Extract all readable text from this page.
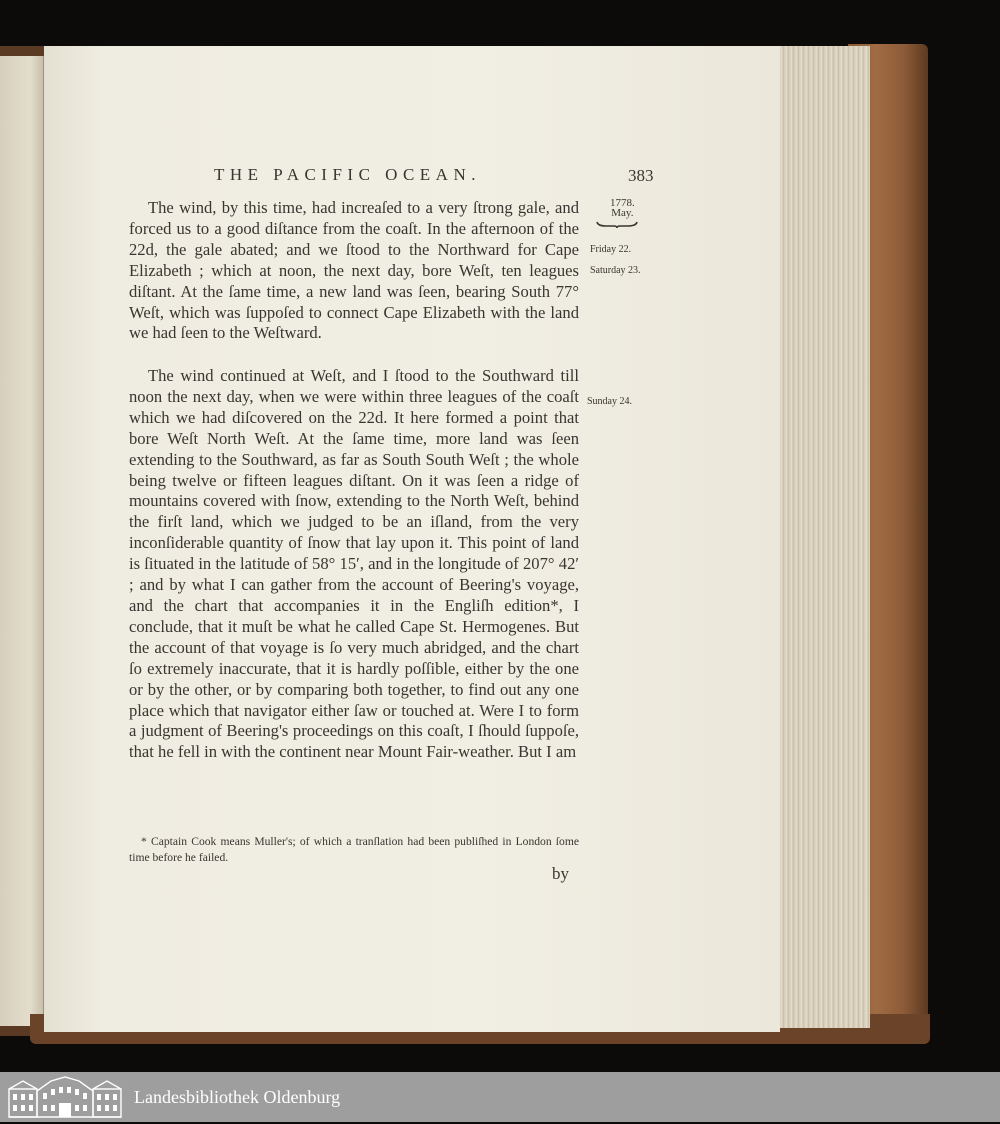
THE PACIFIC OCEAN.	383
1778.
May.
Friday 22.
Saturday 23.
Sunday 24.

The wind, by this time, had increaſed to a very ſtrong gale, and forced us to a good diſtance from the coaſt. In the afternoon of the 22d, the gale abated; and we ſtood to the Northward for Cape Elizabeth ; which at noon, the next day, bore Weſt, ten leagues diſtant. At the ſame time, a new land was ſeen, bearing South 77° Weſt, which was ſuppoſed to connect Cape Elizabeth with the land we had ſeen to the Weſtward.

The wind continued at Weſt, and I ſtood to the Southward till noon the next day, when we were within three leagues of the coaſt which we had diſcovered on the 22d. It here formed a point that bore Weſt North Weſt. At the ſame time, more land was ſeen extending to the Southward, as far as South South Weſt ; the whole being twelve or fifteen leagues diſtant. On it was ſeen a ridge of mountains covered with ſnow, extending to the North Weſt, behind the firſt land, which we judged to be an iſland, from the very inconſiderable quantity of ſnow that lay upon it. This point of land is ſituated in the latitude of 58° 15′, and in the longitude of 207° 42′ ; and by what I can gather from the account of Beering's voyage, and the chart that accompanies it in the Engliſh edition*, I conclude, that it muſt be what he called Cape St. Hermogenes. But the account of that voyage is ſo very much abridged, and the chart ſo extremely inaccurate, that it is hardly poſſible, either by the one or by the other, or by comparing both together, to find out any one place which that navigator either ſaw or touched at. Were I to form a judgment of Beering's proceedings on this coaſt, I ſhould ſuppoſe, that he fell in with the continent near Mount Fair-weather. But I am

* Captain Cook means Muller's; of which a tranſlation had been publiſhed in London ſome time before he failed.

by
Landesbibliothek Oldenburg
